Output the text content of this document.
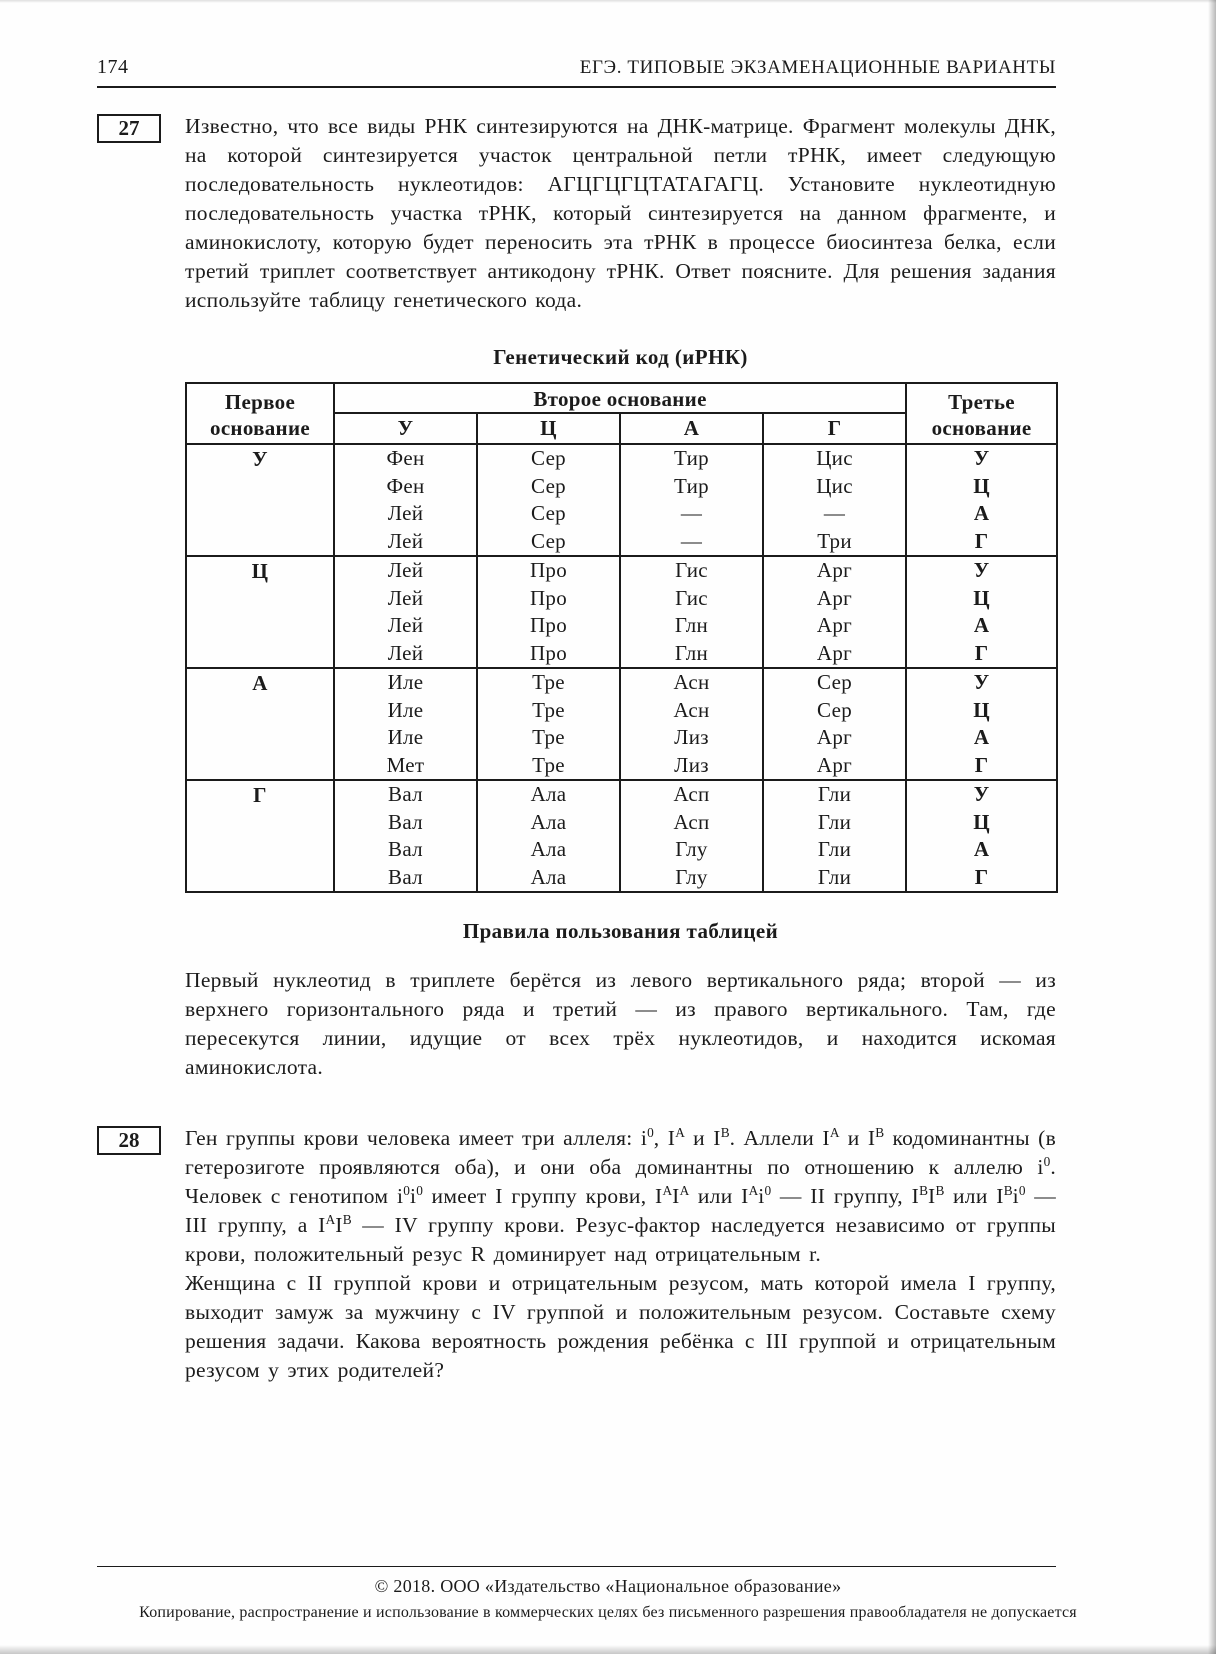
174	ЕГЭ. ТИПОВЫЕ ЭКЗАМЕНАЦИОННЫЕ ВАРИАНТЫ
27	Известно, что все виды РНК синтезируются на ДНК-матрице. Фрагмент молекулы ДНК, на которой синтезируется участок центральной петли тРНК, имеет следующую последовательность нуклеотидов: АГЦГЦГЦТАТАГАГЦ. Установите нуклеотидную последовательность участка тРНК, который синтезируется на данном фрагменте, и аминокислоту, которую будет переносить эта тРНК в процессе биосинтеза белка, если третий триплет соответствует антикодону тРНК. Ответ поясните. Для решения задания используйте таблицу генетического кода.

Генетический код (иРНК)
Первое основание	Второе основание				Третье основание
	У	Ц	А	Г	
У	Фен	Сер	Тир	Цис	У
	Фен	Сер	Тир	Цис	Ц
	Лей	Сер	—	—	А
	Лей	Сер	—	Три	Г
Ц	Лей	Про	Гис	Арг	У
	Лей	Про	Гис	Арг	Ц
	Лей	Про	Глн	Арг	А
	Лей	Про	Глн	Арг	Г
А	Иле	Тре	Асн	Сер	У
	Иле	Тре	Асн	Сер	Ц
	Иле	Тре	Лиз	Арг	А
	Мет	Тре	Лиз	Арг	Г
Г	Вал	Ала	Асп	Гли	У
	Вал	Ала	Асп	Гли	Ц
	Вал	Ала	Глу	Гли	А
	Вал	Ала	Глу	Гли	Г
Правила пользования таблицей

Первый нуклеотид в триплете берётся из левого вертикального ряда; второй — из верхнего горизонтального ряда и третий — из правого вертикального. Там, где пересекутся линии, идущие от всех трёх нуклеотидов, и находится искомая аминокислота.

28	Ген группы крови человека имеет три аллеля: $i^0$, $I^A$ и $I^B$. Аллели $I^A$ и $I^B$ кодоминантны (в гетерозиготе проявляются оба), и они оба доминантны по отношению к аллелю $i^0$. Человек с генотипом $i^0i^0$ имеет I группу крови, $I^AI^A$ или $I^Ai^0$ — II группу, $I^BI^B$ или $I^Bi^0$ — III группу, а $I^AI^B$ — IV группу крови. Резус-фактор наследуется независимо от группы крови, положительный резус R доминирует над отрицательным r.

Женщина с II группой крови и отрицательным резусом, мать которой имела I группу, выходит замуж за мужчину с IV группой и положительным резусом. Составьте схему решения задачи. Какова вероятность рождения ребёнка с III группой и отрицательным резусом у этих родителей?

© 2018. ООО «Издательство «Национальное образование»
Копирование, распространение и использование в коммерческих целях без письменного разрешения правообладателя не допускается
